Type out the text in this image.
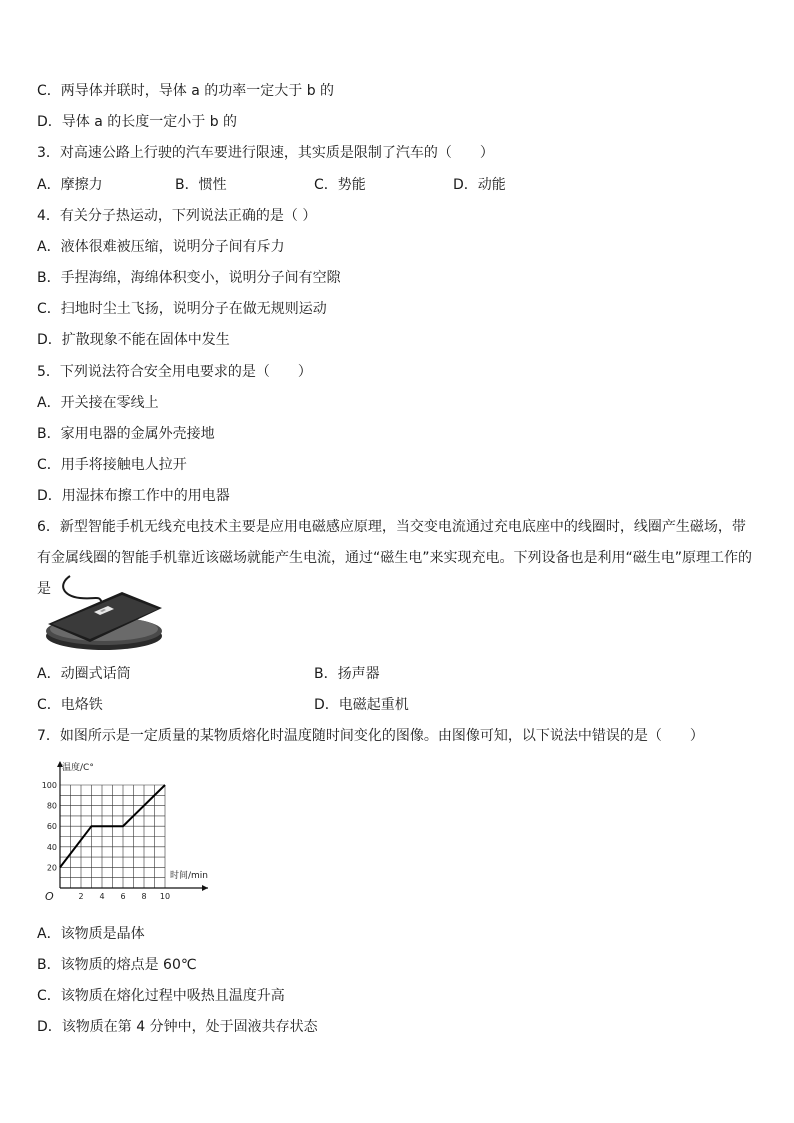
C．两导体并联时，导体 a 的功率一定大于 b 的
D．导体 a 的长度一定小于 b 的
3．对高速公路上行驶的汽车要进行限速，其实质是限制了汽车的（　　）
A．摩擦力	B．惯性	C．势能	D．动能
4．有关分子热运动，下列说法正确的是（ ）
A．液体很难被压缩，说明分子间有斥力
B．手捏海绵，海绵体积变小，说明分子间有空隙
C．扫地时尘土飞扬，说明分子在做无规则运动
D．扩散现象不能在固体中发生
5．下列说法符合安全用电要求的是（　　）
A．开关接在零线上
B．家用电器的金属外壳接地
C．用手将接触电人拉开
D．用湿抹布擦工作中的用电器
6．新型智能手机无线充电技术主要是应用电磁感应原理，当交变电流通过充电底座中的线圈时，线圈产生磁场，带有金属线圈的智能手机靠近该磁场就能产生电流，通过“磁生电”来实现充电。下列设备也是利用“磁生电”原理工作的是
A．动圈式话筒	B．扬声器
C．电烙铁	D．电磁起重机
7．如图所示是一定质量的某物质熔化时温度随时间变化的图像。由图像可知，以下说法中错误的是（　　）
2 4 6 8 10
20
40
60
80
100
温度/C°
时间/min
O
A．该物质是晶体
B．该物质的熔点是 60℃
C．该物质在熔化过程中吸热且温度升高
D．该物质在第 4 分钟中，处于固液共存状态
